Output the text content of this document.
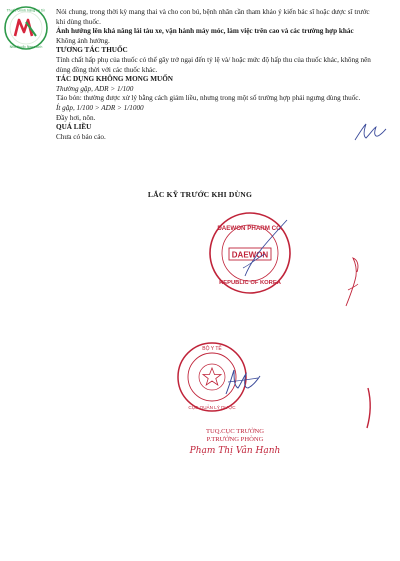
Thuốc chính hãng uy tín
Nhà thuốc Ngọc Anh

Nói chung, trong thời kỳ mang thai và cho con bú, bệnh nhân cần tham khảo ý kiến bác sĩ hoặc dược sĩ trước khi dùng thuốc.

Ảnh hưởng lên khả năng lái tàu xe, vận hành máy móc, làm việc trên cao và các trường hợp khác

Không ảnh hưởng.

TƯƠNG TÁC THUỐC

Tính chất hấp phụ của thuốc có thể gây trở ngại đến tỷ lệ và/ hoặc mức độ hấp thu của thuốc khác, không nên dùng đồng thời với các thuốc khác.

TÁC DỤNG KHÔNG MONG MUỐN

Thường gặp, ADR > 1/100

Táo bón: thường được xử lý bằng cách giảm liều, nhưng trong một số trường hợp phải ngưng dùng thuốc.

Ít gặp, 1/100 > ADR > 1/1000

Đầy hơi, nôn.

QUÁ LIỀU

Chưa có báo cáo.

LẮC KỸ TRƯỚC KHI DÙNG
DAEWON PHARM CO.
REPUBLIC OF KOREA
DAEWON
BỘ Y TẾ
CỤC QUẢN LÝ DƯỢC
TUQ.CỤC TRƯỞNG
P.TRƯỞNG PHÒNG
Phạm Thị Vân Hạnh
